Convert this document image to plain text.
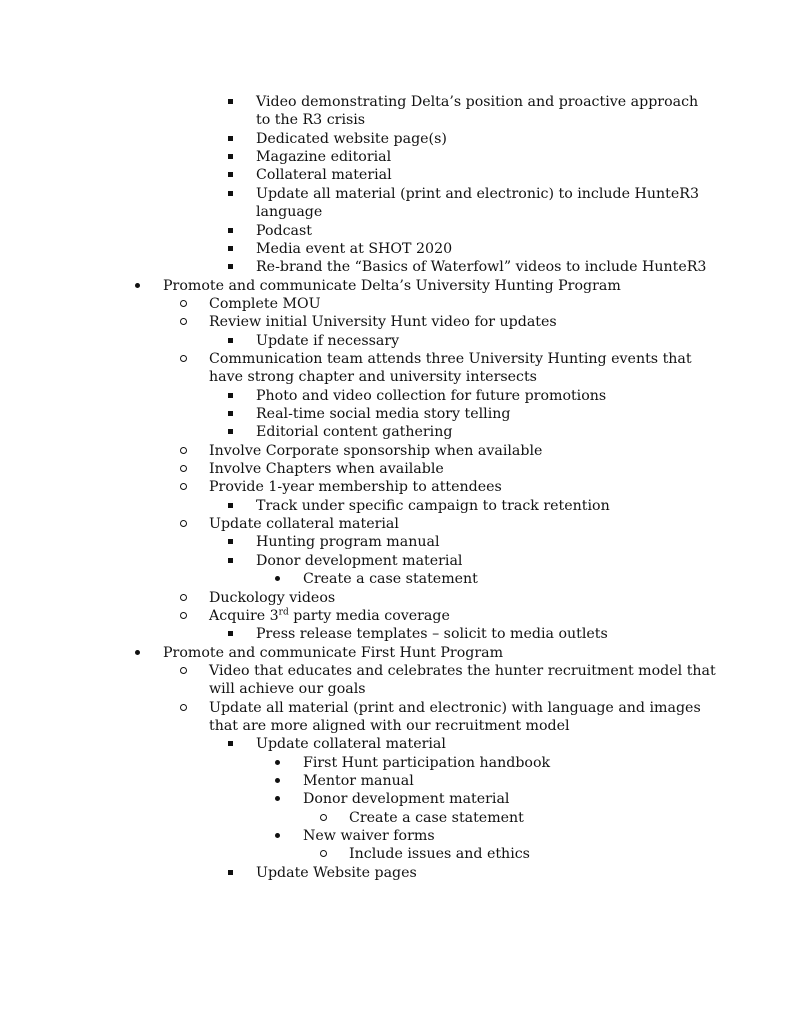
Video demonstrating Delta’s position and proactive approach
to the R3 crisis
Dedicated website page(s)
Magazine editorial
Collateral material
Update all material (print and electronic) to include HunteR3
language
Podcast
Media event at SHOT 2020
Re-brand the “Basics of Waterfowl” videos to include HunteR3
Promote and communicate Delta’s University Hunting Program
Complete MOU
Review initial University Hunt video for updates
Update if necessary
Communication team attends three University Hunting events that
have strong chapter and university intersects
Photo and video collection for future promotions
Real-time social media story telling
Editorial content gathering
Involve Corporate sponsorship when available
Involve Chapters when available
Provide 1-year membership to attendees
Track under specific campaign to track retention
Update collateral material
Hunting program manual
Donor development material
Create a case statement
Duckology videos
Acquire 3rd party media coverage
Press release templates – solicit to media outlets
Promote and communicate First Hunt Program
Video that educates and celebrates the hunter recruitment model that
will achieve our goals
Update all material (print and electronic) with language and images
that are more aligned with our recruitment model
Update collateral material
First Hunt participation handbook
Mentor manual
Donor development material
Create a case statement
New waiver forms
Include issues and ethics
Update Website pages
